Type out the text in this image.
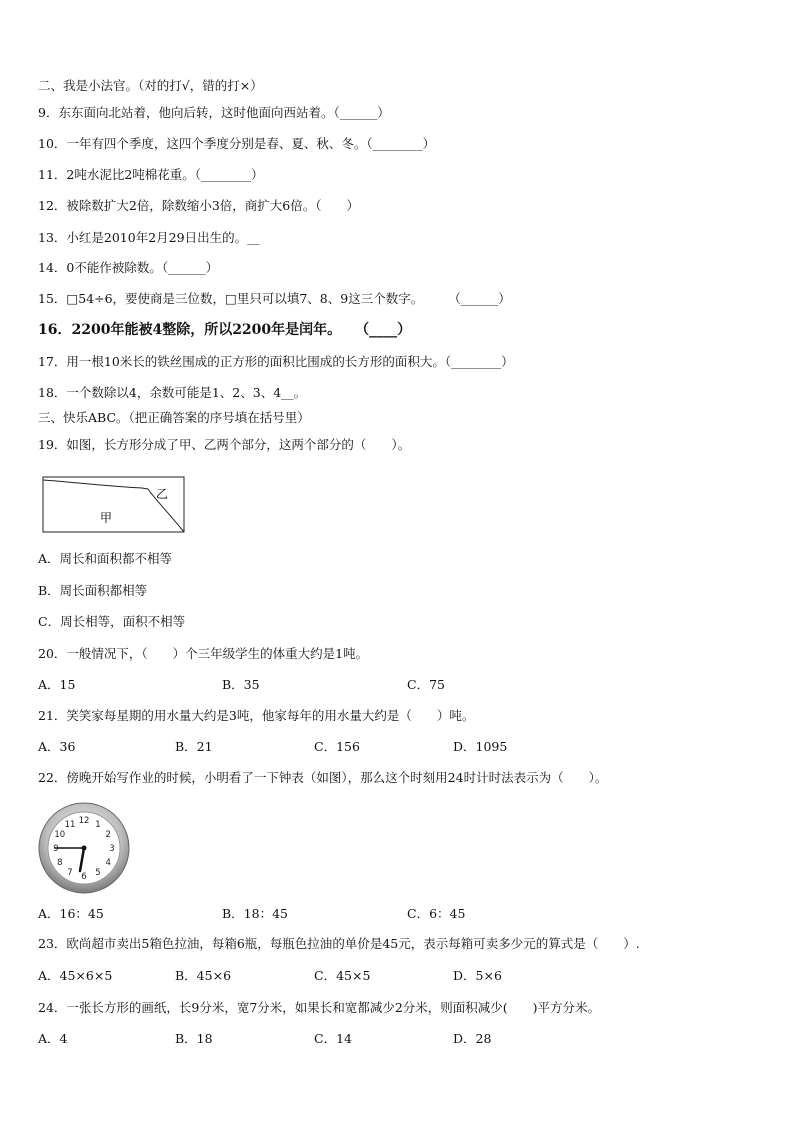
二、我是小法官。（对的打√，错的打×）
9．东东面向北站着，他向后转，这时他面向西站着。（______）
10．一年有四个季度，这四个季度分别是春、夏、秋、冬。（________）
11．2吨水泥比2吨棉花重。（________）
12．被除数扩大2倍，除数缩小3倍，商扩大6倍。（　　）
13．小红是2010年2月29日出生的。__
14．0不能作被除数。（______）
15．□54÷6，要使商是三位数，□里只可以填7、8、9这三个数字。　　　（______）
16．2200年能被4整除，所以2200年是闰年。　　（____）
17．用一根10米长的铁丝围成的正方形的面积比围成的长方形的面积大。（________）
18．一个数除以4，余数可能是1、2、3、4__。
三、快乐ABC。（把正确答案的序号填在括号里）
19．如图，长方形分成了甲、乙两个部分，这两个部分的（　　）。
甲
乙
A．周长和面积都不相等
B．周长面积都相等
C．周长相等，面积不相等
20．一般情况下，（　　）个三年级学生的体重大约是1吨。
A．15	B．35	C．75
21．笑笑家每星期的用水量大约是3吨，他家每年的用水量大约是（　　）吨。
A．36	B．21	C．156	D．1095
22．傍晚开始写作业的时候，小明看了一下钟表（如图），那么这个时刻用24时计时法表示为（　　）。
12 1
2
3
4
5
6
7
8
9
10
11
A．16：45	B．18：45	C．6：45
23．欧尚超市卖出5箱色拉油，每箱6瓶，每瓶色拉油的单价是45元，表示每箱可卖多少元的算式是（　　）.
A．45×6×5	B．45×6	C．45×5	D．5×6
24．一张长方形的画纸，长9分米，宽7分米，如果长和宽都减少2分米，则面积减少(　　)平方分米。
A．4	B．18	C．14	D．28
